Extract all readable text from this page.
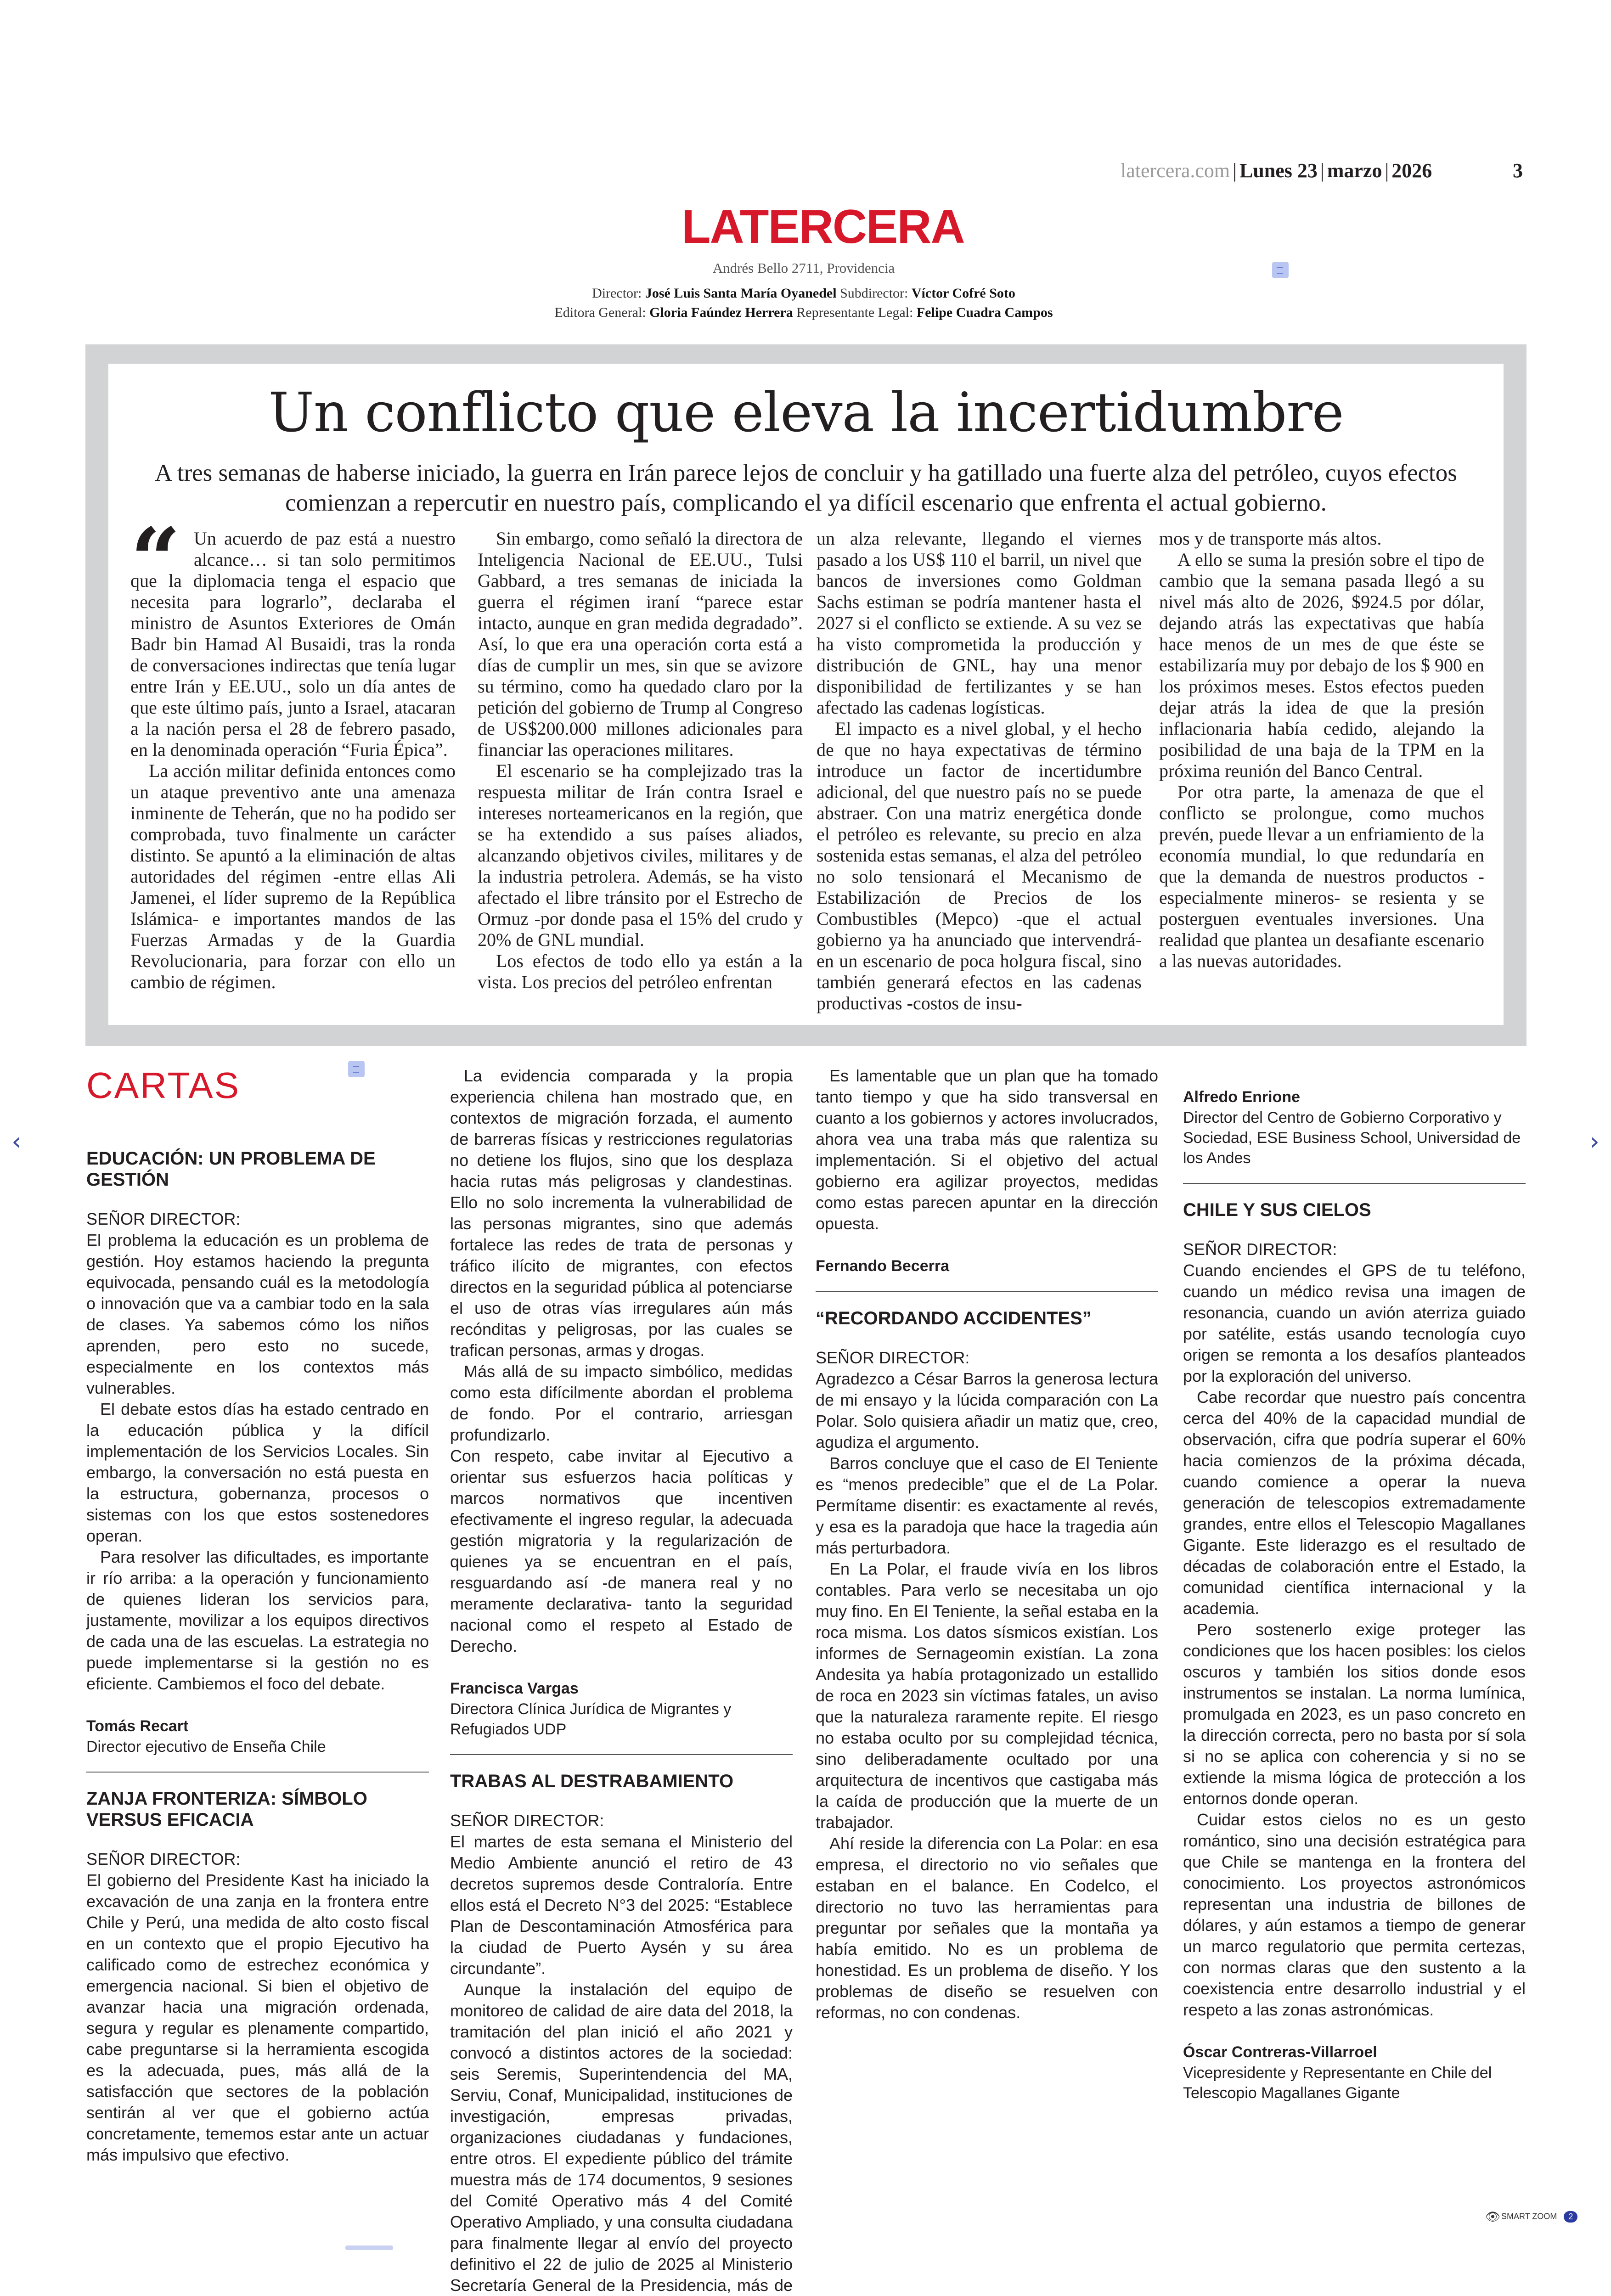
latercera.com | Lunes 23 | marzo | 2026	3
LATERCERA
Andrés Bello 2711, Providencia
Director: José Luis Santa María Oyanedel Subdirector: Víctor Cofré Soto
Editora General: Gloria Faúndez Herrera Representante Legal: Felipe Cuadra Campos
Un conflicto que eleva la incertidumbre
A tres semanas de haberse iniciado, la guerra en Irán parece lejos de concluir y ha gatillado una fuerte alza del petróleo, cuyos efectos comienzan a repercutir en nuestro país, complicando el ya difícil escenario que enfrenta el actual gobierno.
“ Un acuerdo de paz está a nuestro alcance… si tan solo permitimos que la diplomacia tenga el espacio que necesita para lograrlo”, declaraba el ministro de Asuntos Exteriores de Omán Badr bin Hamad Al Busaidi, tras la ronda de conversaciones indirectas que tenía lugar entre Irán y EE.UU., solo un día antes de que este último país, junto a Israel, atacaran a la nación persa el 28 de febrero pasado, en la denominada operación “Furia Épica”.

La acción militar definida entonces como un ataque preventivo ante una amenaza inminente de Teherán, que no ha podido ser comprobada, tuvo finalmente un carácter distinto. Se apuntó a la eliminación de altas autoridades del régimen -entre ellas Ali Jamenei, el líder supremo de la República Islámica- e importantes mandos de las Fuerzas Armadas y de la Guardia Revolucionaria, para forzar con ello un cambio de régimen.

Sin embargo, como señaló la directora de Inteligencia Nacional de EE.UU., Tulsi Gabbard, a tres semanas de iniciada la guerra el régimen iraní “parece estar intacto, aunque en gran medida degradado”. Así, lo que era una operación corta está a días de cumplir un mes, sin que se avizore su término, como ha quedado claro por la petición del gobierno de Trump al Congreso de US$200.000 millones adicionales para financiar las operaciones militares.

El escenario se ha complejizado tras la respuesta militar de Irán contra Israel e intereses norteamericanos en la región, que se ha extendido a sus países aliados, alcanzando objetivos civiles, militares y de la industria petrolera. Además, se ha visto afectado el libre tránsito por el Estrecho de Ormuz -por donde pasa el 15% del crudo y 20% de GNL mundial.

Los efectos de todo ello ya están a la vista. Los precios del petróleo enfrentan

un alza relevante, llegando el viernes pasado a los US$ 110 el barril, un nivel que bancos de inversiones como Goldman Sachs estiman se podría mantener hasta el 2027 si el conflicto se extiende. A su vez se ha visto comprometida la producción y distribución de GNL, hay una menor disponibilidad de fertilizantes y se han afectado las cadenas logísticas.

El impacto es a nivel global, y el hecho de que no haya expectativas de término introduce un factor de incertidumbre adicional, del que nuestro país no se puede abstraer. Con una matriz energética donde el petróleo es relevante, su precio en alza sostenida estas semanas, el alza del petróleo no solo tensionará el Mecanismo de Estabilización de Precios de los Combustibles (Mepco) -que el actual gobierno ya ha anunciado que intervendrá- en un escenario de poca holgura fiscal, sino también generará efectos en las cadenas productivas -costos de insu-

mos y de transporte más altos.

A ello se suma la presión sobre el tipo de cambio que la semana pasada llegó a su nivel más alto de 2026, $924.5 por dólar, dejando atrás las expectativas que había hace menos de un mes de que éste se estabilizaría muy por debajo de los $ 900 en los próximos meses. Estos efectos pueden dejar atrás la idea de que la presión inflacionaria había cedido, alejando la posibilidad de una baja de la TPM en la próxima reunión del Banco Central.

Por otra parte, la amenaza de que el conflicto se prolongue, como muchos prevén, puede llevar a un enfriamiento de la economía mundial, lo que redundaría en que la demanda de nuestros productos -especialmente mineros- se resienta y se posterguen eventuales inversiones. Una realidad que plantea un desafiante escenario a las nuevas autoridades.

CARTAS
EDUCACIÓN: UN PROBLEMA DE GESTIÓN

SEÑOR DIRECTOR:

El problema la educación es un problema de gestión. Hoy estamos haciendo la pregunta equivocada, pensando cuál es la metodología o innovación que va a cambiar todo en la sala de clases. Ya sabemos cómo los niños aprenden, pero esto no sucede, especialmente en los contextos más vulnerables.

El debate estos días ha estado centrado en la educación pública y la difícil implementación de los Servicios Locales. Sin embargo, la conversación no está puesta en la estructura, gobernanza, procesos o sistemas con los que estos sostenedores operan.

Para resolver las dificultades, es importante ir río arriba: a la operación y funcionamiento de quienes lideran los servicios para, justamente, movilizar a los equipos directivos de cada una de las escuelas. La estrategia no puede implementarse si la gestión no es eficiente. Cambiemos el foco del debate.

Tomás Recart

Director ejecutivo de Enseña Chile

ZANJA FRONTERIZA: SÍMBOLO VERSUS EFICACIA

SEÑOR DIRECTOR:

El gobierno del Presidente Kast ha iniciado la excavación de una zanja en la frontera entre Chile y Perú, una medida de alto costo fiscal en un contexto que el propio Ejecutivo ha calificado como de estrechez económica y emergencia nacional. Si bien el objetivo de avanzar hacia una migración ordenada, segura y regular es plenamente compartido, cabe preguntarse si la herramienta escogida es la adecuada, pues, más allá de la satisfacción que sectores de la población sentirán al ver que el gobierno actúa concretamente, tememos estar ante un actuar más impulsivo que efectivo.

La evidencia comparada y la propia experiencia chilena han mostrado que, en contextos de migración forzada, el aumento de barreras físicas y restricciones regulatorias no detiene los flujos, sino que los desplaza hacia rutas más peligrosas y clandestinas. Ello no solo incrementa la vulnerabilidad de las personas migrantes, sino que además fortalece las redes de trata de personas y tráfico ilícito de migrantes, con efectos directos en la seguridad pública al potenciarse el uso de otras vías irregulares aún más recónditas y peligrosas, por las cuales se trafican personas, armas y drogas.

Más allá de su impacto simbólico, medidas como esta difícilmente abordan el problema de fondo. Por el contrario, arriesgan profundizarlo.

Con respeto, cabe invitar al Ejecutivo a orientar sus esfuerzos hacia políticas y marcos normativos que incentiven efectivamente el ingreso regular, la adecuada gestión migratoria y la regularización de quienes ya se encuentran en el país, resguardando así -de manera real y no meramente declarativa- tanto la seguridad nacional como el respeto al Estado de Derecho.

Francisca Vargas

Directora Clínica Jurídica de Migrantes y Refugiados UDP

TRABAS AL DESTRABAMIENTO

SEÑOR DIRECTOR:

El martes de esta semana el Ministerio del Medio Ambiente anunció el retiro de 43 decretos supremos desde Contraloría. Entre ellos está el Decreto N°3 del 2025: “Establece Plan de Descontaminación Atmosférica para la ciudad de Puerto Aysén y su área circundante”.

Aunque la instalación del equipo de monitoreo de calidad de aire data del 2018, la tramitación del plan inició el año 2021 y convocó a distintos actores de la sociedad: seis Seremis, Superintendencia del MA, Serviu, Conaf, Municipalidad, instituciones de investigación, empresas privadas, organizaciones ciudadanas y fundaciones, entre otros. El expediente público del trámite muestra más de 174 documentos, 9 sesiones del Comité Operativo más 4 del Comité Operativo Ampliado, y una consulta ciudadana para finalmente llegar al envío del proyecto definitivo el 22 de julio de 2025 al Ministerio Secretaría General de la Presidencia, más de

Es lamentable que un plan que ha tomado tanto tiempo y que ha sido transversal en cuanto a los gobiernos y actores involucrados, ahora vea una traba más que ralentiza su implementación. Si el objetivo del actual gobierno era agilizar proyectos, medidas como estas parecen apuntar en la dirección opuesta.

Fernando Becerra

“RECORDANDO ACCIDENTES”

SEÑOR DIRECTOR:

Agradezco a César Barros la generosa lectura de mi ensayo y la lúcida comparación con La Polar. Solo quisiera añadir un matiz que, creo, agudiza el argumento.

Barros concluye que el caso de El Teniente es “menos predecible” que el de La Polar. Permítame disentir: es exactamente al revés, y esa es la paradoja que hace la tragedia aún más perturbadora.

En La Polar, el fraude vivía en los libros contables. Para verlo se necesitaba un ojo muy fino. En El Teniente, la señal estaba en la roca misma. Los datos sísmicos existían. Los informes de Sernageomin existían. La zona Andesita ya había protagonizado un estallido de roca en 2023 sin víctimas fatales, un aviso que la naturaleza raramente repite. El riesgo no estaba oculto por su complejidad técnica, sino deliberadamente ocultado por una arquitectura de incentivos que castigaba más la caída de producción que la muerte de un trabajador.

Ahí reside la diferencia con La Polar: en esa empresa, el directorio no vio señales que estaban en el balance. En Codelco, el directorio no tuvo las herramientas para preguntar por señales que la montaña ya había emitido. No es un problema de honestidad. Es un problema de diseño. Y los problemas de diseño se resuelven con reformas, no con condenas.

Alfredo Enrione

Director del Centro de Gobierno Corporativo y Sociedad, ESE Business School, Universidad de los Andes

CHILE Y SUS CIELOS

SEÑOR DIRECTOR:

Cuando enciendes el GPS de tu teléfono, cuando un médico revisa una imagen de resonancia, cuando un avión aterriza guiado por satélite, estás usando tecnología cuyo origen se remonta a los desafíos planteados por la exploración del universo.

Cabe recordar que nuestro país concentra cerca del 40% de la capacidad mundial de observación, cifra que podría superar el 60% hacia comienzos de la próxima década, cuando comience a operar la nueva generación de telescopios extremadamente grandes, entre ellos el Telescopio Magallanes Gigante. Este liderazgo es el resultado de décadas de colaboración entre el Estado, la comunidad científica internacional y la academia.

Pero sostenerlo exige proteger las condiciones que los hacen posibles: los cielos oscuros y también los sitios donde esos instrumentos se instalan. La norma lumínica, promulgada en 2023, es un paso concreto en la dirección correcta, pero no basta por sí sola si no se aplica con coherencia y si no se extiende la misma lógica de protección a los entornos donde operan.

Cuidar estos cielos no es un gesto romántico, sino una decisión estratégica para que Chile se mantenga en la frontera del conocimiento. Los proyectos astronómicos representan una industria de billones de dólares, y aún estamos a tiempo de generar un marco regulatorio que permita certezas, con normas claras que den sustento a la coexistencia entre desarrollo industrial y el respeto a las zonas astronómicas.

Óscar Contreras-Villarroel

Vicepresidente y Representante en Chile del Telescopio Magallanes Gigante

‹	›
👁 SMART ZOOM 2
